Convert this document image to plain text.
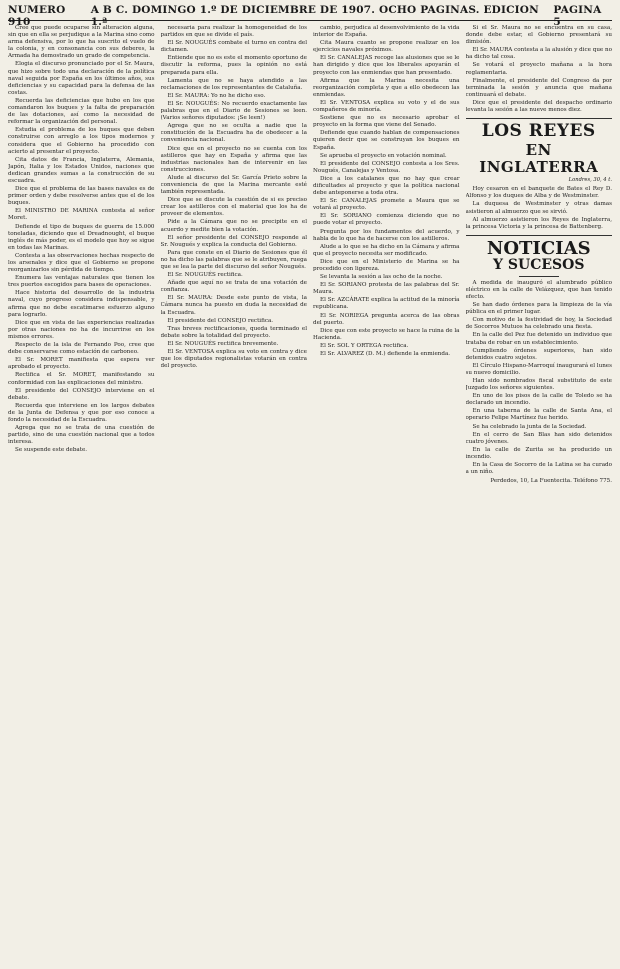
NUMERO 910
A B C. DOMINGO 1.º DE DICIEMBRE DE 1907. OCHO PAGINAS. EDICION 1.ª
PAGINA 5

Cree que puede ocuparse sin alteración alguna, sin que en ella se perjudique a la Marina sino como arma defensiva, por lo que ha suscrito el vuelo de la colonia, y en consonancia con sus deberes, la Armada ha demostrado un grado de competencia.

Elogia el discurso pronunciado por el Sr. Maura, que hizo sobre todo una declaración de la política naval seguida por España en los últimos años, sus deficiencias y su capacidad para la defensa de las costas.

Recuerda las deficiencias que hubo en los que comandaron los buques y la falta de preparación de las dotaciones, así como la necesidad de reformar la organización del personal.

Estudia el problema de los buques que deben construirse con arreglo a los tipos modernos y considera que el Gobierno ha procedido con acierto al presentar el proyecto.

Cita datos de Francia, Inglaterra, Alemania, Japón, Italia y los Estados Unidos, naciones que dedican grandes sumas a la construcción de su escuadra.

Dice que el problema de las bases navales es de primer orden y debe resolverse antes que el de los buques.

El MINISTRO DE MARINA contesta al señor Moret.

Defiende el tipo de buques de guerra de 15.000 toneladas, diciendo que el Dreadnought, el buque inglés de más poder, es el modelo que hoy se sigue en todas las Marinas.

Contesta a las observaciones hechas respecto de los arsenales y dice que el Gobierno se propone reorganizarlos sin pérdida de tiempo.

Enumera las ventajas naturales que tienen los tres puertos escogidos para bases de operaciones.

Hace historia del desarrollo de la industria naval, cuyo progreso considera indispensable, y afirma que no debe escatimarse esfuerzo alguno para lograrlo.

Dice que en vista de las experiencias realizadas por otras naciones no ha de incurrirse en los mismos errores.

Respecto de la isla de Fernando Poo, cree que debe conservarse como estación de carboneo.

El Sr. MORET manifiesta que espera ver aprobado el proyecto.

Rectifica el Sr. MORET, manifestando su conformidad con las explicaciones del ministro.

El presidente del CONSEJO interviene en el debate.

Recuerda que interviene en los largos debates de la Junta de Defensa y que por eso conoce a fondo la necesidad de la Escuadra.

Agrega que no se trata de una cuestión de partido, sino de una cuestión nacional que a todos interesa.

Se suspende este debate.

necesaria para realizar la homogeneidad de los partidos en que se divide el país.

El Sr. NOUGUÉS combate el turno en contra del dictamen.

Entiende que no es este el momento oportuno de discutir la reforma, pues la opinión no está preparada para ella.

Lamenta que no se haya atendido a las reclamaciones de los representantes de Cataluña.

El Sr. MAURA: Yo no he dicho eso.

El Sr. NOUGUÉS: No recuerdo exactamente las palabras que en el Diario de Sesiones se leen. (Varios señores diputados: ¡Se leen!)

Agrega que no se oculta a nadie que la constitución de la Escuadra ha de obedecer a la conveniencia nacional.

Dice que en el proyecto no se cuenta con los astilleros que hay en España y afirma que las industrias nacionales han de intervenir en las construcciones.

Alude al discurso del Sr. García Prieto sobre la conveniencia de que la Marina mercante esté también representada.

Dice que se discute la cuestión de si es preciso crear los astilleros con el material que los ha de proveer de elementos.

Pide a la Cámara que no se precipite en el acuerdo y medite bien la votación.

El señor presidente del CONSEJO responde al Sr. Nougués y explica la conducta del Gobierno.

Para que conste en el Diario de Sesiones que él no ha dicho las palabras que se le atribuyen, ruega que se lea la parte del discurso del señor Nougués.

El Sr. NOUGUÉS rectifica.

Añade que aquí no se trata de una votación de confianza.

El Sr. MAURA: Desde este punto de vista, la Cámara nunca ha puesto en duda la necesidad de la Escuadra.

El presidente del CONSEJO rectifica.

Tras breves rectificaciones, queda terminado el debate sobre la totalidad del proyecto.

El Sr. NOUGUÉS rectifica brevemente.

El Sr. VENTOSA explica su voto en contra y dice que los diputados regionalistas votarán en contra del proyecto.

cambio, perjudica al desenvolvimiento de la vida interior de España.

Cita Maura cuanto se propone realizar en los ejercicios navales próximos.

El Sr. CANALEJAS recoge las alusiones que se le han dirigido y dice que los liberales apoyarán el proyecto con las enmiendas que han presentado.

Afirma que la Marina necesita una reorganización completa y que a ello obedecen las enmiendas.

El Sr. VENTOSA explica su voto y el de sus compañeros de minoría.

Sostiene que no es necesario aprobar el proyecto en la forma que viene del Senado.

Defiende que cuando hablan de compensaciones quieren decir que se construyan los buques en España.

Se aprueba el proyecto en votación nominal.

El presidente del CONSEJO contesta a los Sres. Nougués, Canalejas y Ventosa.

Dice a los catalanes que no hay que crear dificultades al proyecto y que la política nacional debe anteponerse a toda otra.

El Sr. CANALEJAS promete a Maura que se votará al proyecto.

El Sr. SORIANO comienza diciendo que no puede votar el proyecto.

Pregunta por los fundamentos del acuerdo, y habla de lo que ha de hacerse con los astilleros.

Alude a lo que se ha dicho en la Cámara y afirma que el proyecto necesita ser modificado.

Dice que en el Ministerio de Marina se ha procedido con ligereza.

Se levanta la sesión a las ocho de la noche.

El Sr. SORIANO protesta de las palabras del Sr. Maura.

El Sr. AZCÁRATE explica la actitud de la minoría republicana.

El Sr. NORIEGA pregunta acerca de las obras del puerto.

Dice que con este proyecto se hace la ruina de la Hacienda.

El Sr. SOL Y ORTEGA rectifica.

El Sr. ALVAREZ (D. M.) defiende la enmienda.

Si el Sr. Maura no se encuentra en su casa, donde debe estar, el Gobierno presentará su dimisión.

El Sr. MAURA contesta a la alusión y dice que no ha dicho tal cosa.

Se votará el proyecto mañana a la hora reglamentaria.

Finalmente, el presidente del Congreso da por terminada la sesión y anuncia que mañana continuará el debate.

Dice que el presidente del despacho ordinario levanta la sesión a las nueve menos diez.

LOS REYES
EN INGLATERRA
Londres, 30, 4 t.

Hoy cesaron en el banquete de Bates el Rey D. Alfonso y los duques de Alba y de Westminster.

La duquesa de Westminster y otras damas asistieron al almuerzo que se sirvió.

Al almuerzo asistieron los Reyes de Inglaterra, la princesa Victoria y la princesa de Battenberg.

NOTICIAS
Y SUCESOS

A medida de inauguró el alumbrado público eléctrico en la calle de Velázquez, que han tenido efecto.

Se han dado órdenes para la limpieza de la vía pública en el primer lugar.

Con motivo de la festividad de hoy, la Sociedad de Socorros Mutuos ha celebrado una fiesta.

En la calle del Pez fue detenido un individuo que trataba de robar en un establecimiento.

Cumpliendo órdenes superiores, han sido detenidos cuatro sujetos.

El Círculo Hispano-Marroquí inaugurará el lunes su nuevo domicilio.

Han sido nombrados fiscal substituto de este Juzgado los señores siguientes.

En uno de los pisos de la calle de Toledo se ha declarado un incendio.

En una taberna de la calle de Santa Ana, el operario Felipe Martínez fue herido.

Se ha celebrado la junta de la Sociedad.

En el cerro de San Blas han sido detenidos cuatro jóvenes.

En la calle de Zurita se ha producido un incendio.

En la Casa de Socorro de la Latina se ha curado a un niño.

Perdedos, 10, La Fuentecita. Teléfono 775.
